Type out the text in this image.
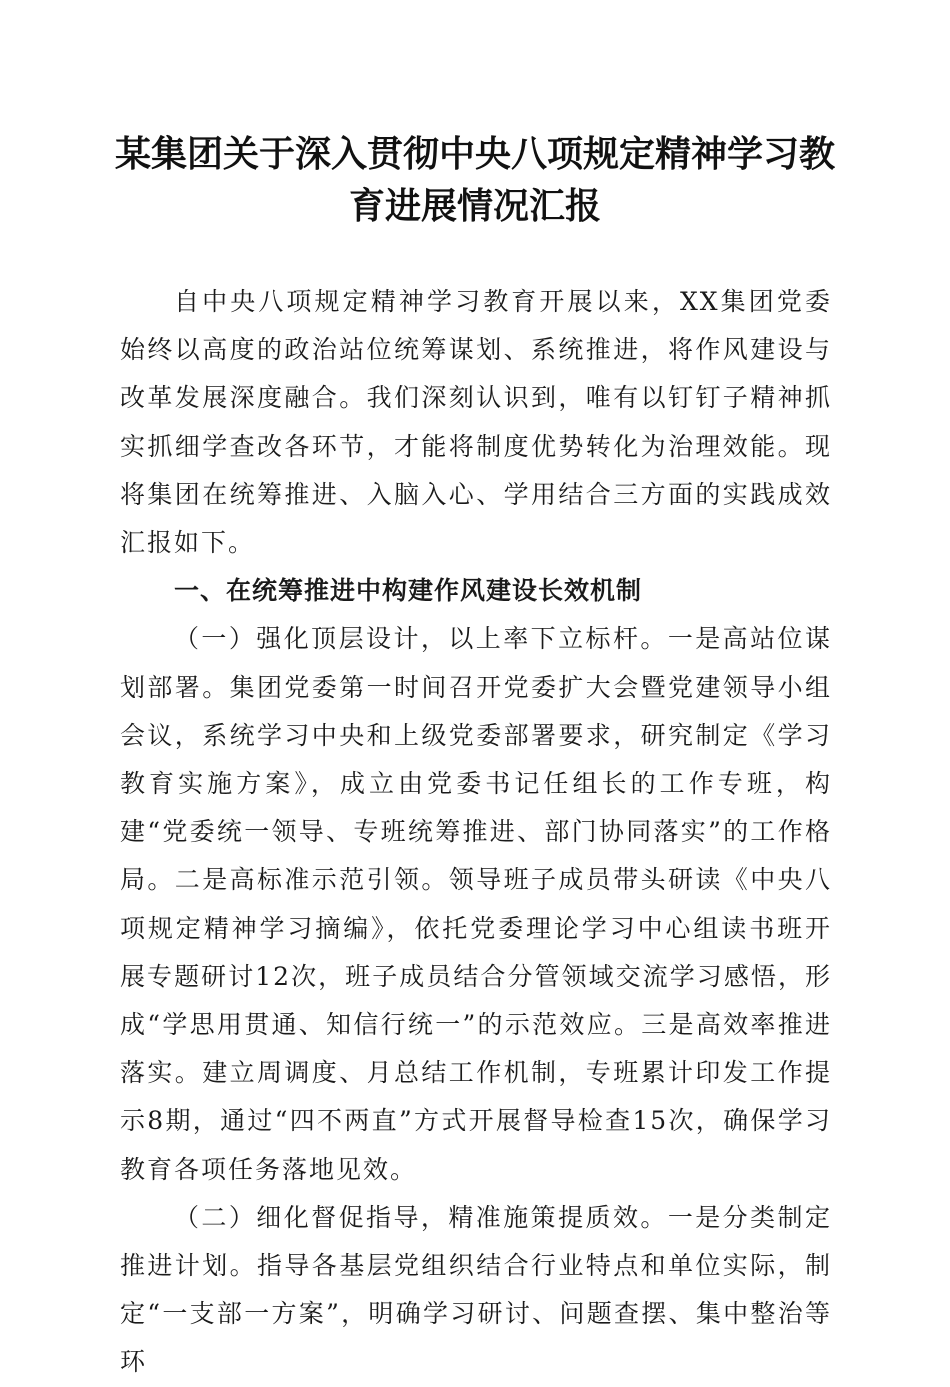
某集团关于深入贯彻中央八项规定精神学习教育进展情况汇报

自中央八项规定精神学习教育开展以来，XX集团党委始终以高度的政治站位统筹谋划、系统推进，将作风建设与改革发展深度融合。我们深刻认识到，唯有以钉钉子精神抓实抓细学查改各环节，才能将制度优势转化为治理效能。现将集团在统筹推进、入脑入心、学用结合三方面的实践成效汇报如下。

一、在统筹推进中构建作风建设长效机制

（一）强化顶层设计，以上率下立标杆。一是高站位谋划部署。集团党委第一时间召开党委扩大会暨党建领导小组会议，系统学习中央和上级党委部署要求，研究制定《学习教育实施方案》，成立由党委书记任组长的工作专班，构建“党委统一领导、专班统筹推进、部门协同落实”的工作格局。二是高标准示范引领。领导班子成员带头研读《中央八项规定精神学习摘编》，依托党委理论学习中心组读书班开展专题研讨12次，班子成员结合分管领域交流学习感悟，形成“学思用贯通、知信行统一”的示范效应。三是高效率推进落实。建立周调度、月总结工作机制，专班累计印发工作提示8期，通过“四不两直”方式开展督导检查15次，确保学习教育各项任务落地见效。

（二）细化督促指导，精准施策提质效。一是分类制定推进计划。指导各基层党组织结合行业特点和单位实际，制定“一支部一方案”，明确学习研讨、问题查摆、集中整治等环
